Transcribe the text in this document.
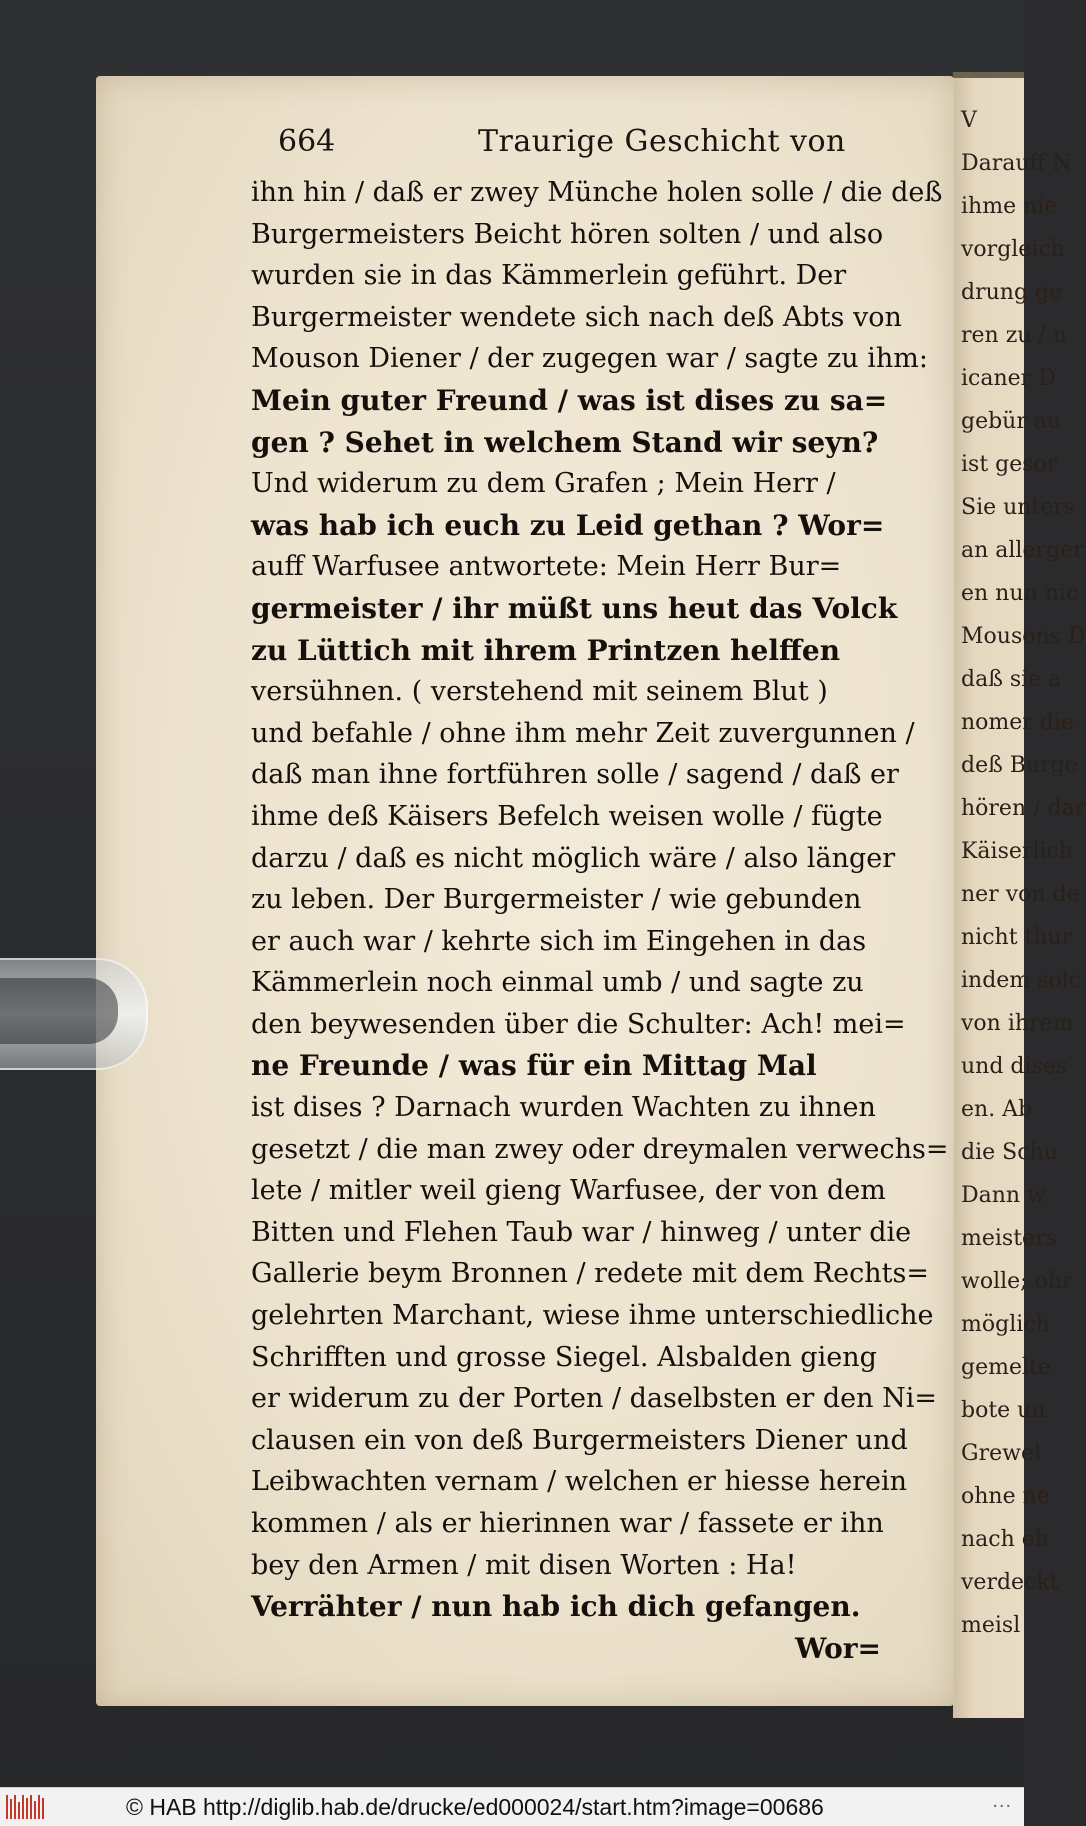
V
Darauff N
ihme nie
vorgleich
drung ge
ren zu / u
icaner D
gebür au
ist gesor
Sie unters
an allerger
en nun nic
Mousons D
daß sie a
nomer die
deß Burge
hören / dar
Käiserlich
ner von de
nicht thur
indem solc
von ihrem
und dises
en. Ab
die Schu
Dann w
meisters
wolle; ohr
möglich
gemelte
bote un
Grewel
ohne ne
nach eh
verdeckt
meisl
664	Traurige Geschicht von
ihn hin / daß er zwey Münche holen solle / die deß
Burgermeisters Beicht hören solten / und also
wurden sie in das Kämmerlein geführt. Der
Burgermeister wendete sich nach deß Abts von
Mouson Diener / der zugegen war / sagte zu ihm:
Mein guter Freund / was ist dises zu sa=
gen ? Sehet in welchem Stand wir seyn?
Und widerum zu dem Grafen ; Mein Herr /
was hab ich euch zu Leid gethan ? Wor=
auff Warfusee antwortete: Mein Herr Bur=
germeister / ihr müßt uns heut das Volck
zu Lüttich mit ihrem Printzen helffen
versühnen. ( verstehend mit seinem Blut )
und befahle / ohne ihm mehr Zeit zuvergunnen /
daß man ihne fortführen solle / sagend / daß er
ihme deß Käisers Befelch weisen wolle / fügte
darzu / daß es nicht möglich wäre / also länger
zu leben. Der Burgermeister / wie gebunden
er auch war / kehrte sich im Eingehen in das
Kämmerlein noch einmal umb / und sagte zu
den beywesenden über die Schulter: Ach! mei=
ne Freunde / was für ein Mittag Mal
ist dises ? Darnach wurden Wachten zu ihnen
gesetzt / die man zwey oder dreymalen verwechs=
lete / mitler weil gieng Warfusee, der von dem
Bitten und Flehen Taub war / hinweg / unter die
Gallerie beym Bronnen / redete mit dem Rechts=
gelehrten Marchant, wiese ihme unterschiedliche
Schrifften und grosse Siegel. Alsbalden gieng
er widerum zu der Porten / daselbsten er den Ni=
clausen ein von deß Burgermeisters Diener und
Leibwachten vernam / welchen er hiesse herein
kommen / als er hierinnen war / fassete er ihn
bey den Armen / mit disen Worten : Ha!
Verrähter / nun hab ich dich gefangen.
Wor=
© HAB http://diglib.hab.de/drucke/ed000024/start.htm?image=00686	...
